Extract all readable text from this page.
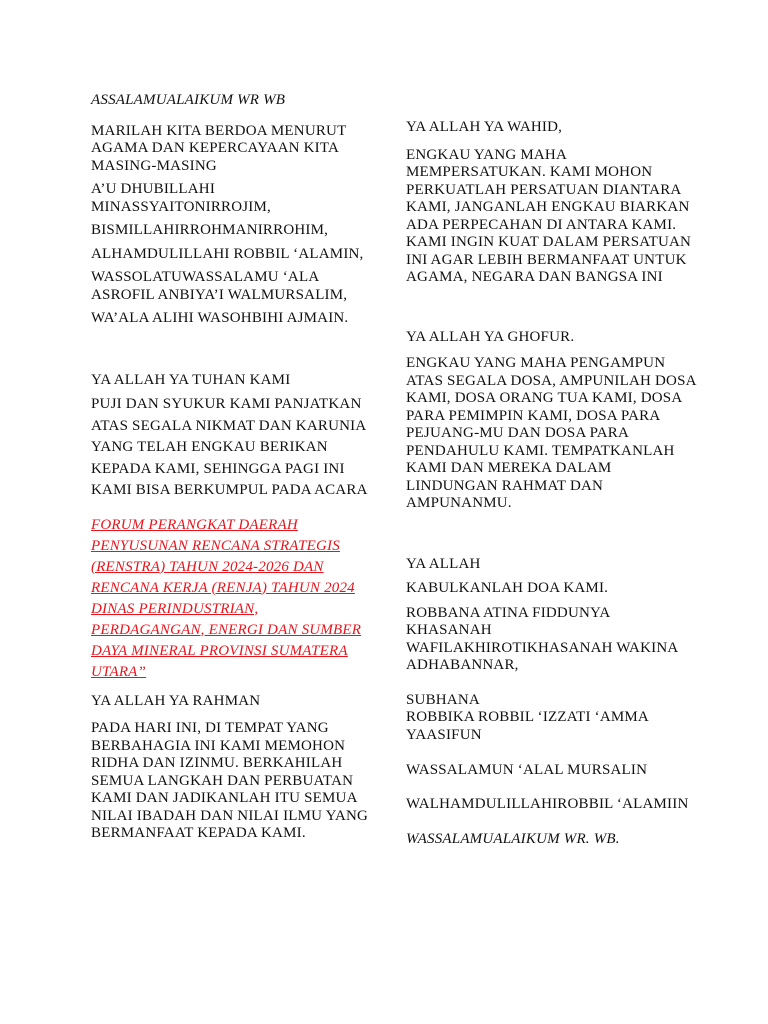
ASSALAMUALAIKUM WR WB

MARILAH KITA BERDOA MENURUT AGAMA DAN KEPERCAYAAN KITA MASING-MASING

A’U DHUBILLAHI MINASSYAITONIRROJIM,

BISMILLAHIRROHMANIRROHIM,

ALHAMDULILLAHI ROBBIL ‘ALAMIN,

WASSOLATUWASSALAMU ‘ALA ASROFIL ANBIYA’I WALMURSALIM,

WA’ALA ALIHI WASOHBIHI AJMAIN.

YA ALLAH YA TUHAN KAMI

PUJI DAN SYUKUR KAMI PANJATKAN ATAS SEGALA NIKMAT DAN KARUNIA YANG TELAH ENGKAU BERIKAN KEPADA KAMI, SEHINGGA PAGI INI KAMI BISA BERKUMPUL PADA ACARA

FORUM PERANGKAT DAERAH PENYUSUNAN RENCANA STRATEGIS (RENSTRA) TAHUN 2024-2026 DAN RENCANA KERJA (RENJA) TAHUN 2024 DINAS PERINDUSTRIAN, PERDAGANGAN, ENERGI DAN SUMBER DAYA MINERAL PROVINSI SUMATERA UTARA”

YA ALLAH YA RAHMAN

PADA HARI INI, DI TEMPAT YANG BERBAHAGIA INI KAMI MEMOHON RIDHA DAN IZINMU. BERKAHILAH SEMUA LANGKAH DAN PERBUATAN KAMI DAN JADIKANLAH ITU SEMUA NILAI IBADAH DAN NILAI ILMU YANG BERMANFAAT KEPADA KAMI.

YA ALLAH YA WAHID,

ENGKAU YANG MAHA MEMPERSATUKAN. KAMI MOHON PERKUATLAH PERSATUAN DIANTARA KAMI, JANGANLAH ENGKAU BIARKAN ADA PERPECAHAN DI ANTARA KAMI. KAMI INGIN KUAT DALAM PERSATUAN INI AGAR LEBIH BERMANFAAT UNTUK AGAMA, NEGARA DAN BANGSA INI

YA ALLAH YA GHOFUR.

ENGKAU YANG MAHA PENGAMPUN ATAS SEGALA DOSA, AMPUNILAH DOSA KAMI, DOSA ORANG TUA KAMI, DOSA PARA PEMIMPIN KAMI, DOSA PARA PEJUANG-MU DAN DOSA PARA PENDAHULU KAMI. TEMPATKANLAH KAMI DAN MEREKA DALAM LINDUNGAN RAHMAT DAN AMPUNANMU.

YA ALLAH

KABULKANLAH DOA KAMI.

ROBBANA ATINA FIDDUNYA KHASANAH WAFILAKHIROTIKHASANAH WAKINA ADHABANNAR,

SUBHANA

ROBBIKA ROBBIL ‘IZZATI ‘AMMA YAASIFUN

WASSALAMUN ‘ALAL MURSALIN

WALHAMDULILLAHIROBBIL ‘ALAMIIN

WASSALAMUALAIKUM WR. WB.
